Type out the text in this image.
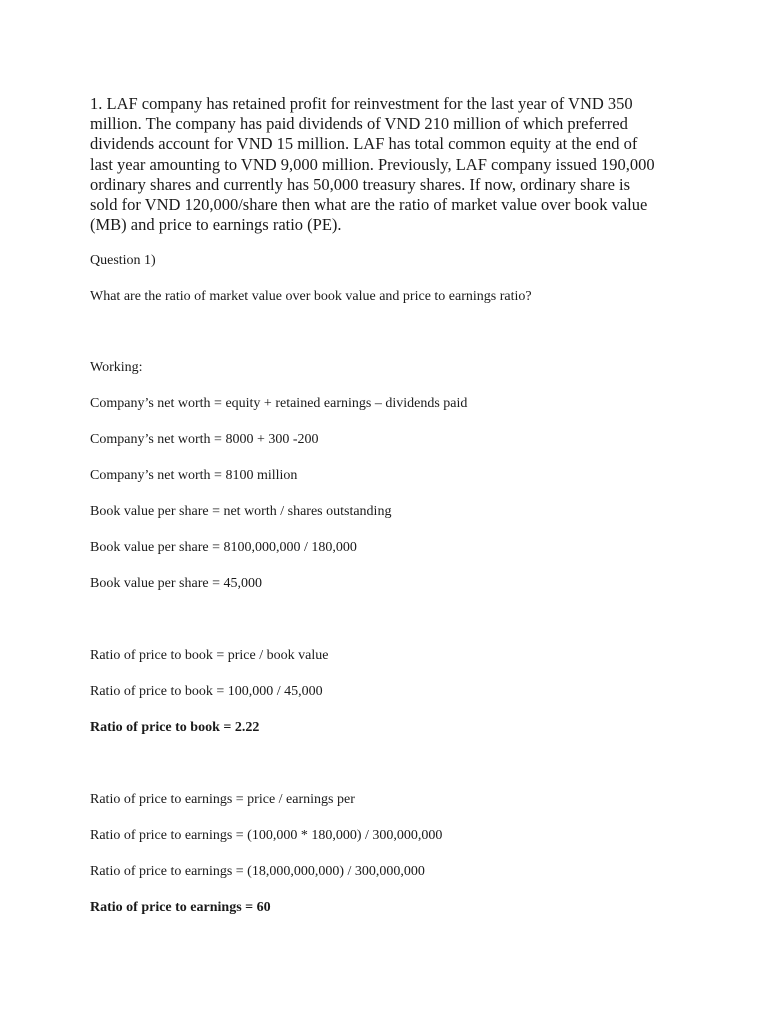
1. LAF company has retained profit for reinvestment for the last year of VND 350
million. The company has paid dividends of VND 210 million of which preferred
dividends account for VND 15 million. LAF has total common equity at the end of
last year amounting to VND 9,000 million. Previously, LAF company issued 190,000
ordinary shares and currently has 50,000 treasury shares. If now, ordinary share is
sold for VND 120,000/share then what are the ratio of market value over book value
(MB) and price to earnings ratio (PE).

Question 1)

What are the ratio of market value over book value and price to earnings ratio?

Working:

Company’s net worth = equity + retained earnings – dividends paid

Company’s net worth = 8000 + 300 -200

Company’s net worth = 8100 million

Book value per share = net worth / shares outstanding

Book value per share = 8100,000,000 / 180,000

Book value per share = 45,000

Ratio of price to book = price / book value

Ratio of price to book = 100,000 / 45,000

Ratio of price to book = 2.22

Ratio of price to earnings = price / earnings per

Ratio of price to earnings = (100,000 * 180,000) / 300,000,000

Ratio of price to earnings = (18,000,000,000) / 300,000,000

Ratio of price to earnings = 60
